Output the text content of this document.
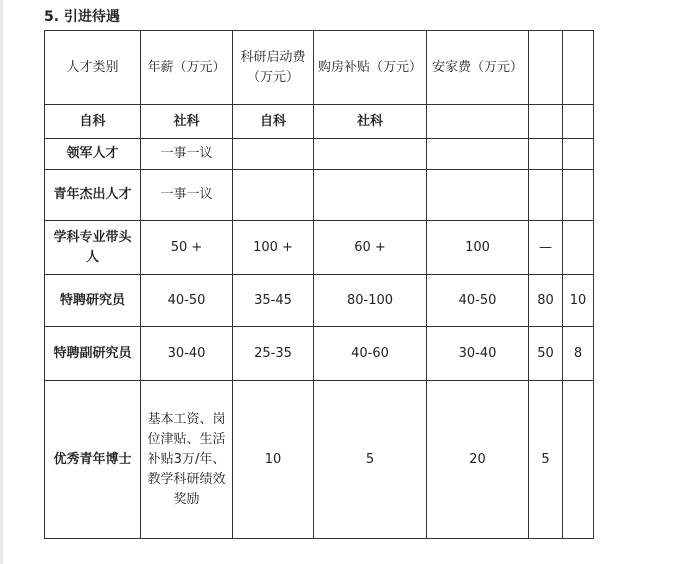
5. 引进待遇
人才类别	年薪（万元）	科研启动费（万元）	购房补贴（万元）	安家费（万元）		
自科	社科	自科	社科			
领军人才	一事一议					
青年杰出人才	一事一议					
学科专业带头人	50 +	100 +	60 +	100	—	
特聘研究员	40-50	35-45	80-100	40-50	80	10
特聘副研究员	30-40	25-35	40-60	30-40	50	8
优秀青年博士	基本工资、岗位津贴、生活补贴3万/年、教学科研绩效奖励	10	5	20	5	
